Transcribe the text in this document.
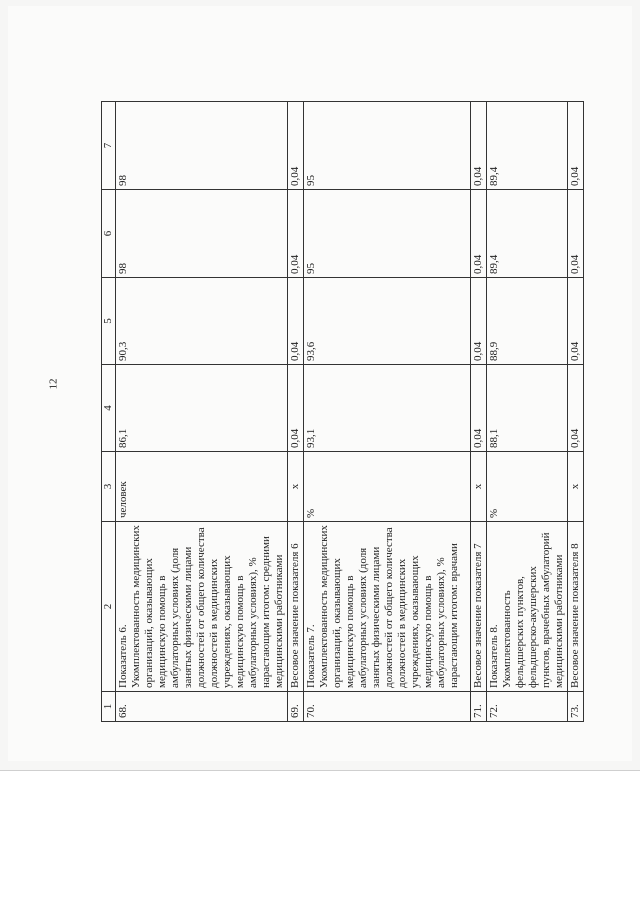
12
1	2	3	4	5	6	7
68.	Показатель 6. Укомплектованность медицинских организаций, оказывающих медицинскую помощь в амбулаторных условиях (доля занятых физическими лицами должностей от общего количества должностей в медицинских учреждениях, оказывающих медицинскую помощь в амбулаторных условиях), % нарастающим итогом: средними медицинскими работниками	человек	86,1	90,3	98	98
69.	Весовое значение показателя 6	х	0,04	0,04	0,04	0,04
70.	Показатель 7. Укомплектованность медицинских организаций, оказывающих медицинскую помощь в амбулаторных условиях (доля занятых физическими лицами должностей от общего количества должностей в медицинских учреждениях, оказывающих медицинскую помощь в амбулаторных условиях), % нарастающим итогом: врачами	%	93,1	93,6	95	95
71.	Весовое значение показателя 7	х	0,04	0,04	0,04	0,04
72.	Показатель 8. Укомплектованность фельдшерских пунктов, фельдшерско-акушерских пунктов, врачебных амбулаторий медицинскими работниками	%	88,1	88,9	89,4	89,4
73.	Весовое значение показателя 8	х	0,04	0,04	0,04	0,04
